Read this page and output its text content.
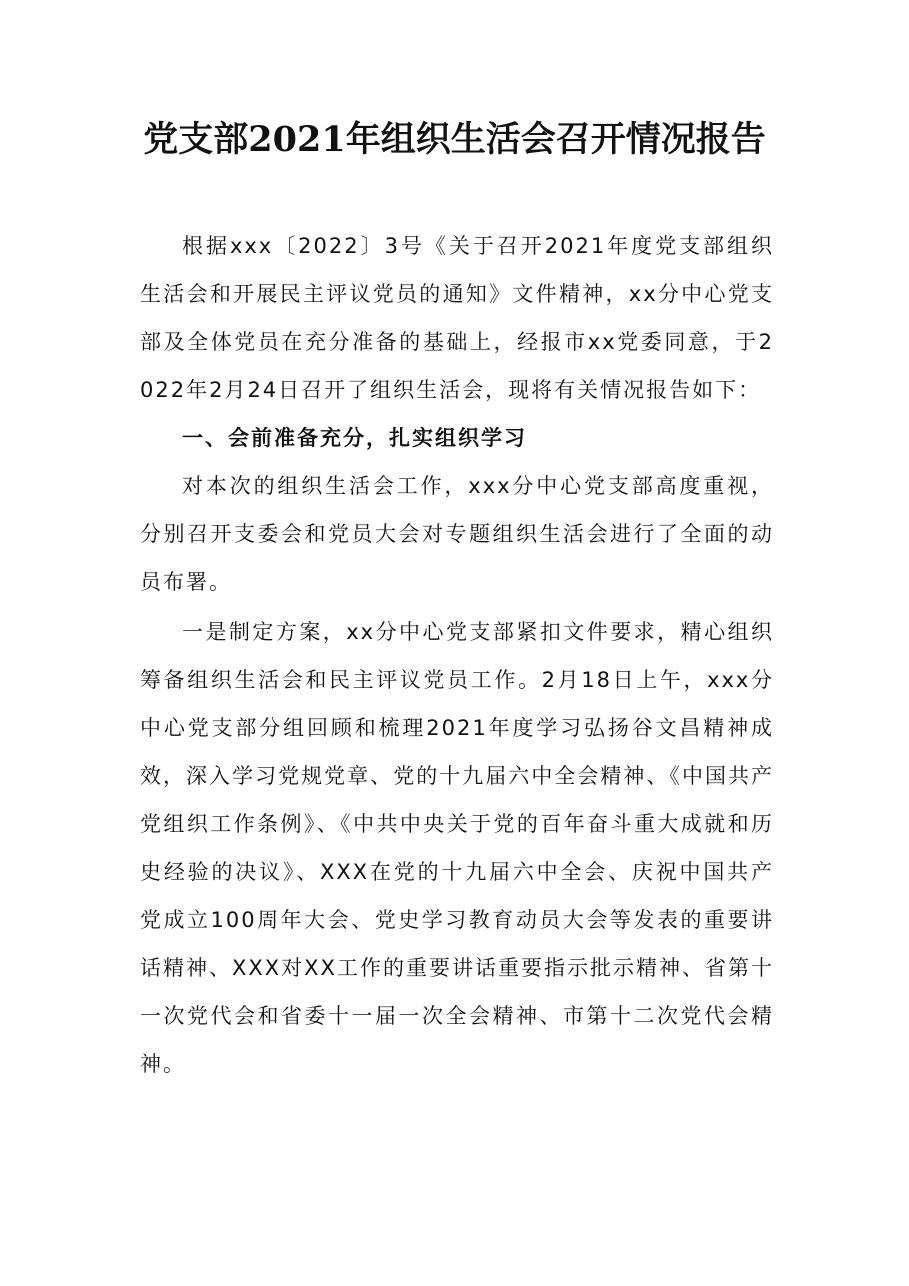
党支部2021年组织生活会召开情况报告

根据xxx〔2022〕3号《关于召开2021年度党支部组织生活会和开展民主评议党员的通知》文件精神，xx分中心党支部及全体党员在充分准备的基础上，经报市xx党委同意，于2022年2月24日召开了组织生活会，现将有关情况报告如下：

一、会前准备充分，扎实组织学习

对本次的组织生活会工作，xxx分中心党支部高度重视，分别召开支委会和党员大会对专题组织生活会进行了全面的动员布署。

一是制定方案，xx分中心党支部紧扣文件要求，精心组织筹备组织生活会和民主评议党员工作。2月18日上午，xxx分中心党支部分组回顾和梳理2021年度学习弘扬谷文昌精神成效，深入学习党规党章、党的十九届六中全会精神、《中国共产党组织工作条例》、《中共中央关于党的百年奋斗重大成就和历史经验的决议》、XXX在党的十九届六中全会、庆祝中国共产党成立100周年大会、党史学习教育动员大会等发表的重要讲话精神、XXX对XX工作的重要讲话重要指示批示精神、省第十一次党代会和省委十一届一次全会精神、市第十二次党代会精神。
